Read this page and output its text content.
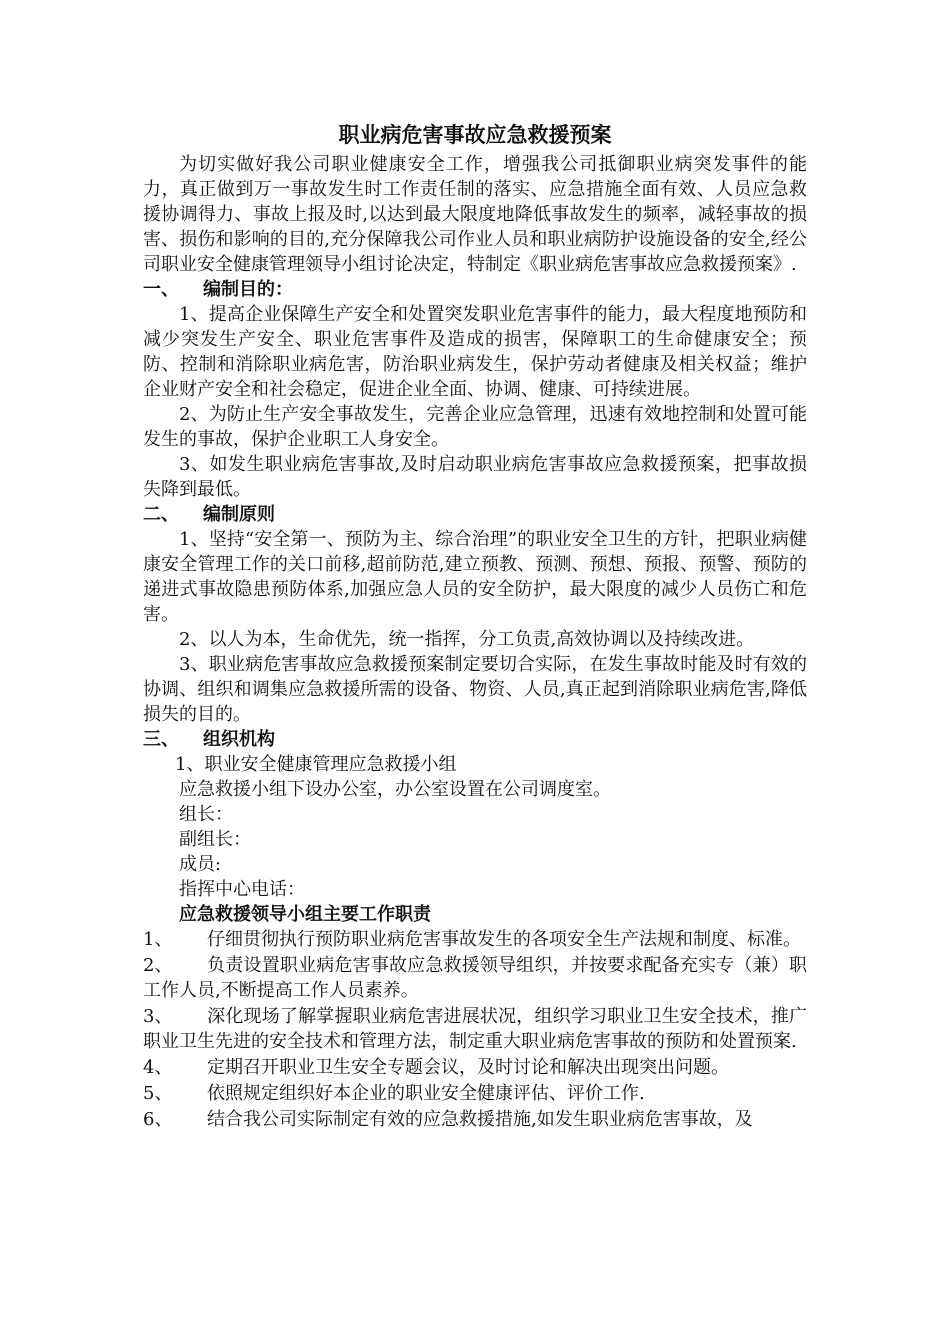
职业病危害事故应急救援预案

为切实做好我公司职业健康安全工作，增强我公司抵御职业病突发事件的能力，真正做到万一事故发生时工作责任制的落实、应急措施全面有效、人员应急救援协调得力、事故上报及时,以达到最大限度地降低事故发生的频率，减轻事故的损害、损伤和影响的目的,充分保障我公司作业人员和职业病防护设施设备的安全,经公司职业安全健康管理领导小组讨论决定，特制定《职业病危害事故应急救援预案》.

一、 编制目的：

1、提高企业保障生产安全和处置突发职业危害事件的能力，最大程度地预防和减少突发生产安全、职业危害事件及造成的损害，保障职工的生命健康安全；预防、控制和消除职业病危害，防治职业病发生，保护劳动者健康及相关权益；维护企业财产安全和社会稳定，促进企业全面、协调、健康、可持续进展。

2、为防止生产安全事故发生，完善企业应急管理，迅速有效地控制和处置可能发生的事故，保护企业职工人身安全。

3、如发生职业病危害事故,及时启动职业病危害事故应急救援预案，把事故损失降到最低。

二、 编制原则

1、坚持“安全第一、预防为主、综合治理”的职业安全卫生的方针，把职业病健康安全管理工作的关口前移,超前防范,建立预教、预测、预想、预报、预警、预防的递进式事故隐患预防体系,加强应急人员的安全防护，最大限度的减少人员伤亡和危害。

2、以人为本，生命优先，统一指挥，分工负责,高效协调以及持续改进。

3、职业病危害事故应急救援预案制定要切合实际，在发生事故时能及时有效的协调、组织和调集应急救援所需的设备、物资、人员,真正起到消除职业病危害,降低损失的目的。

三、 组织机构

1、职业安全健康管理应急救援小组

应急救援小组下设办公室，办公室设置在公司调度室。

组长：

副组长：

成员:

指挥中心电话：

应急救援领导小组主要工作职责

1、 仔细贯彻执行预防职业病危害事故发生的各项安全生产法规和制度、标准。

2、 负责设置职业病危害事故应急救援领导组织，并按要求配备充实专（兼）职工作人员,不断提高工作人员素养。

3、 深化现场了解掌握职业病危害进展状况，组织学习职业卫生安全技术，推广职业卫生先进的安全技术和管理方法，制定重大职业病危害事故的预防和处置预案.

4、 定期召开职业卫生安全专题会议，及时讨论和解决出现突出问题。

5、 依照规定组织好本企业的职业安全健康评估、评价工作.

6、 结合我公司实际制定有效的应急救援措施,如发生职业病危害事故，及
